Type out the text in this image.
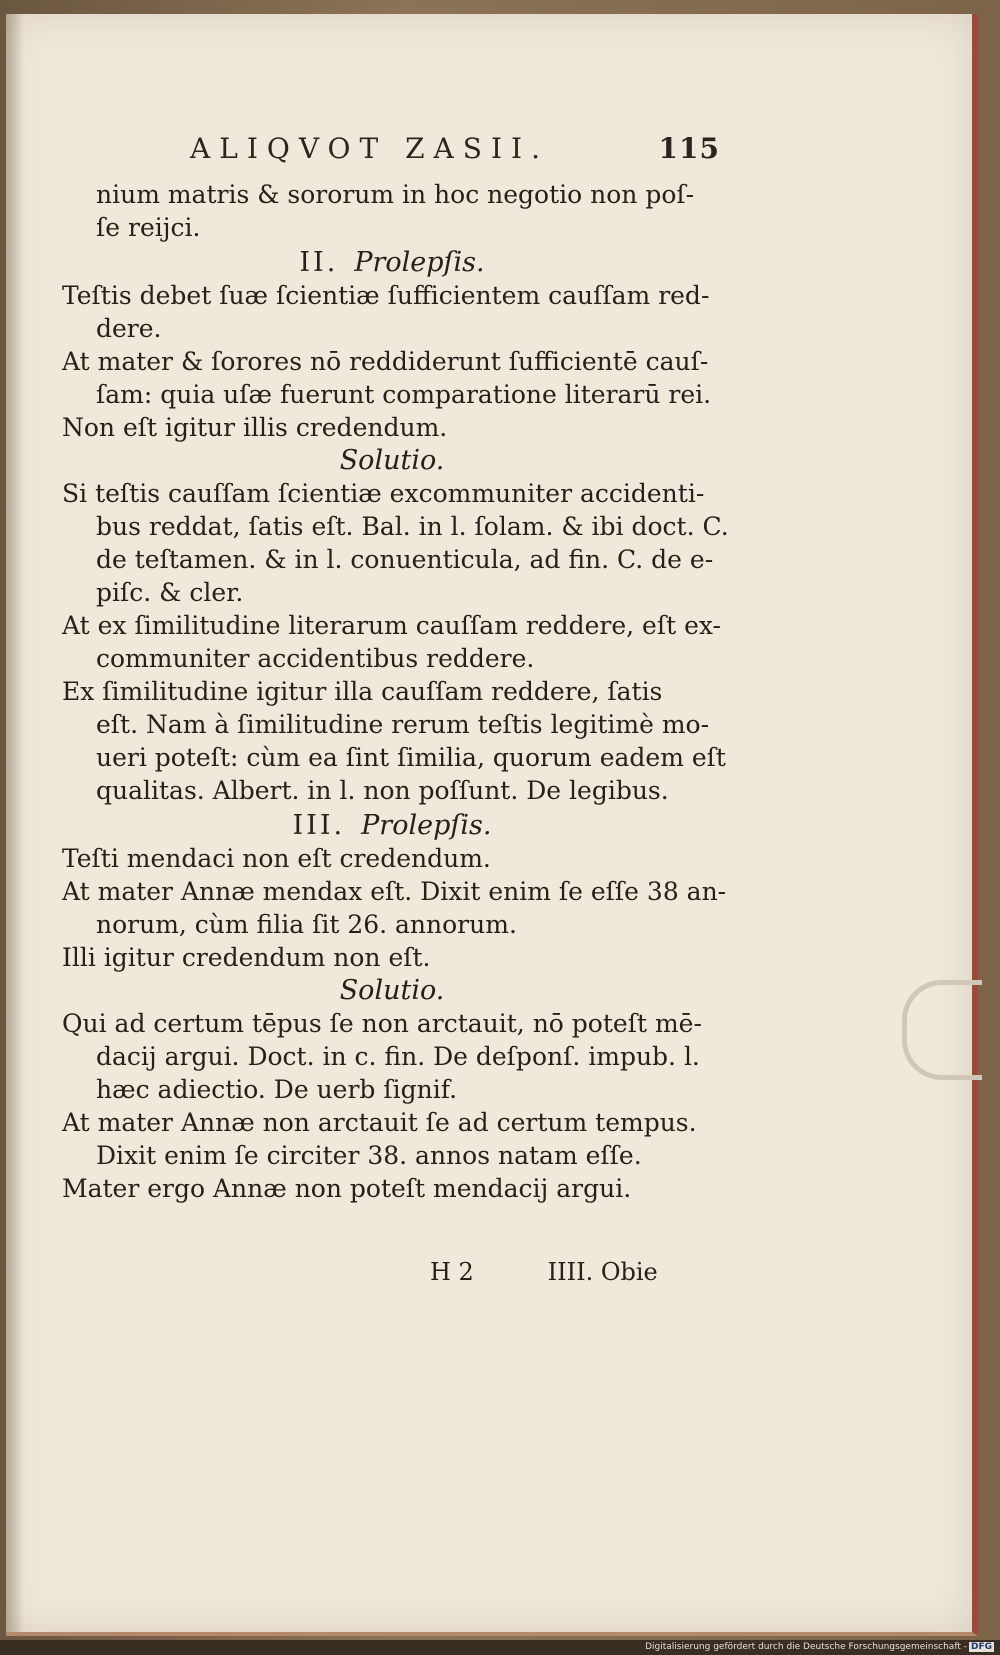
ALIQVOT ZASII.	115
nium matris & sororum in hoc negotio non poſ-
ſe reijci.
II. Prolepſis.
Teſtis debet ſuæ ſcientiæ ſufficientem cauſſam red-
dere.
At mater & ſorores nō reddiderunt ſufficientē cauſ-
ſam: quia uſæ fuerunt comparatione literarū rei.
Non eſt igitur illis credendum.
Solutio.
Si teſtis cauſſam ſcientiæ excommuniter accidenti-
bus reddat, ſatis eſt. Bal. in l. ſolam. & ibi doct. C.
de teſtamen. & in l. conuenticula, ad fin. C. de e-
piſc. & cler.
At ex ſimilitudine literarum cauſſam reddere, eſt ex-
communiter accidentibus reddere.
Ex ſimilitudine igitur illa cauſſam reddere, ſatis
eſt. Nam à ſimilitudine rerum teſtis legitimè mo-
ueri poteſt: cùm ea ſint ſimilia, quorum eadem eſt
qualitas. Albert. in l. non poſſunt. De legibus.
III. Prolepſis.
Teſti mendaci non eſt credendum.
At mater Annæ mendax eſt. Dixit enim ſe eſſe 38 an-
norum, cùm filia ſit 26. annorum.
Illi igitur credendum non eſt.
Solutio.
Qui ad certum tēpus ſe non arctauit, nō poteſt mē-
dacij argui. Doct. in c. fin. De deſponſ. impub. l.
hæc adiectio. De uerb ſignif.
At mater Annæ non arctauit ſe ad certum tempus.
Dixit enim ſe circiter 38. annos natam eſſe.
Mater ergo Annæ non poteſt mendacij argui.
H 2	IIII. Obie
Digitalisierung gefördert durch die Deutsche Forschungsgemeinschaft - DFG
